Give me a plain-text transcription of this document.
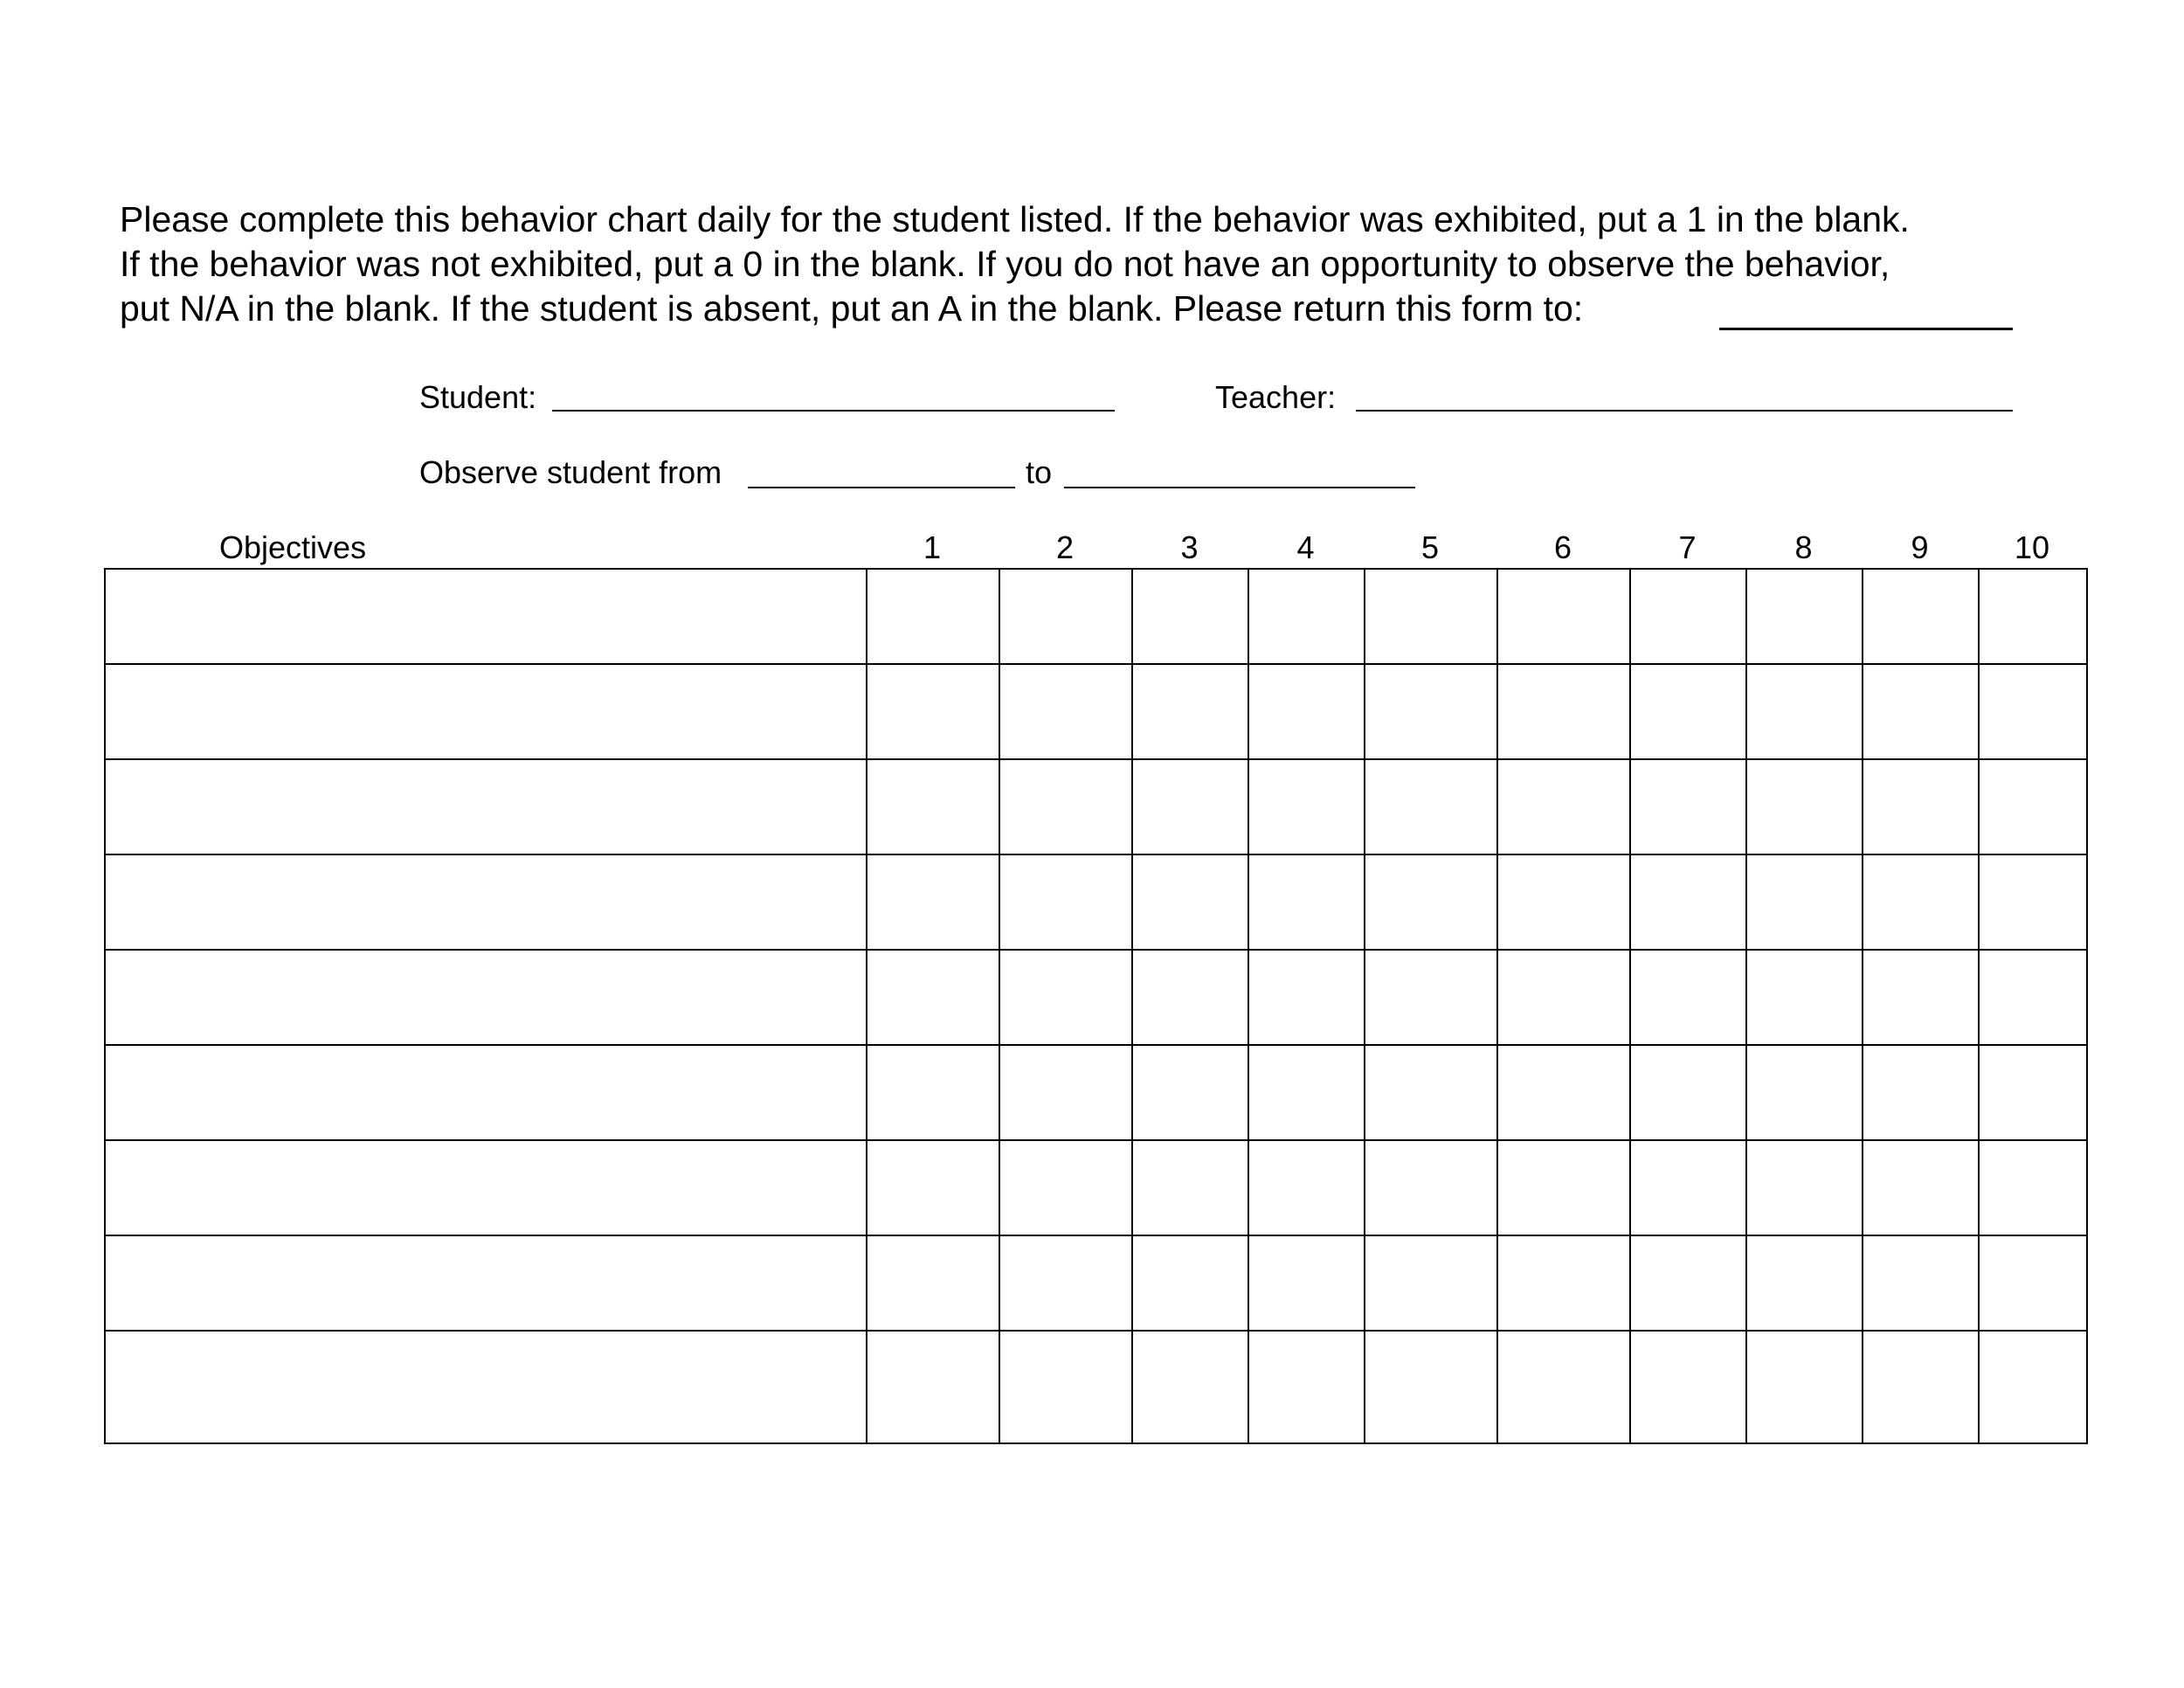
Please complete this behavior chart daily for the student listed. If the behavior was exhibited, put a 1 in the blank.
If the behavior was not exhibited, put a 0 in the blank. If you do not have an opportunity to observe the behavior,
put N/A in the blank. If the student is absent, put an A in the blank. Please return this form to:
Student:	Teacher:
Observe student from	to
Objectives	1	2	3	4	5	6	7	8	9	10
